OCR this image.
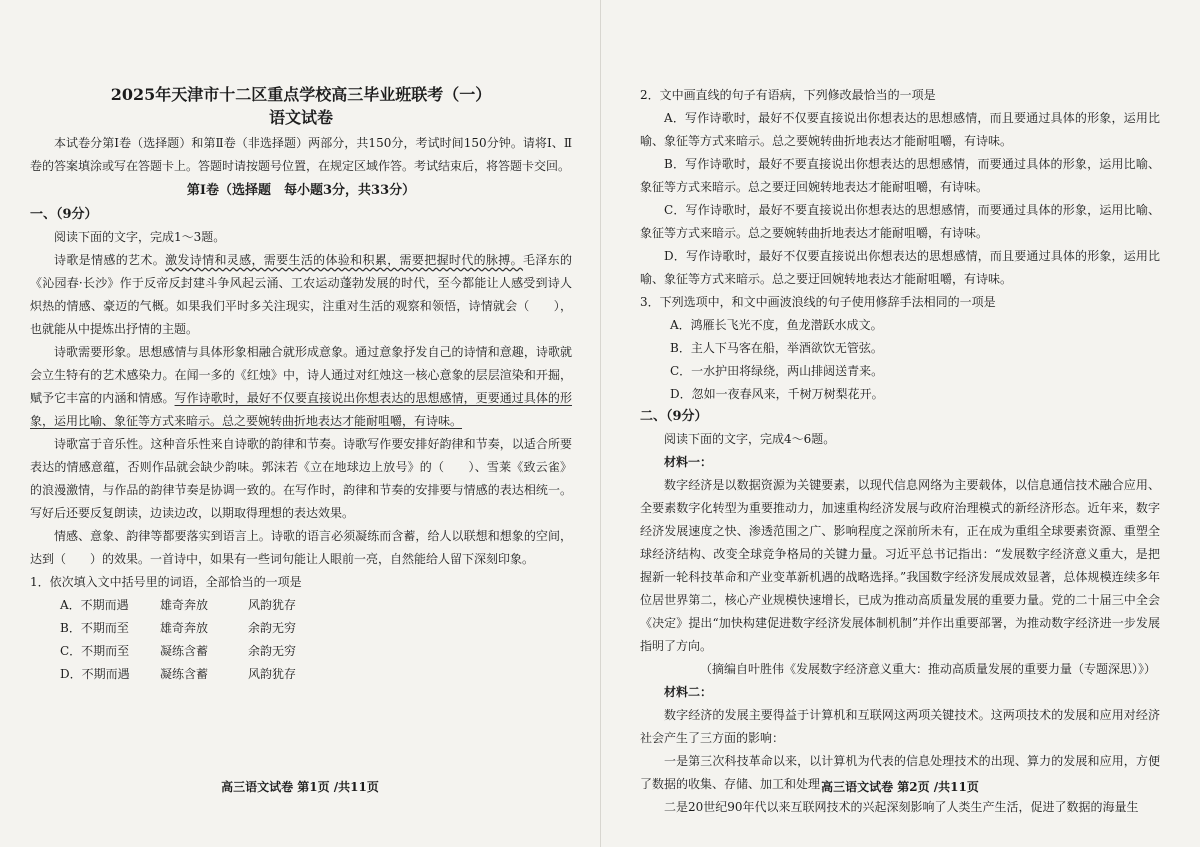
2025年天津市十二区重点学校高三毕业班联考（一）
语文试卷

本试卷分第Ⅰ卷（选择题）和第Ⅱ卷（非选择题）两部分，共150分，考试时间150分钟。请将Ⅰ、Ⅱ卷的答案填涂或写在答题卡上。答题时请按题号位置，在规定区域作答。考试结束后，将答题卡交回。

第Ⅰ卷（选择题　每小题3分，共33分）
一、（9分）

阅读下面的文字，完成1～3题。

诗歌是情感的艺术。激发诗情和灵感，需要生活的体验和积累，需要把握时代的脉搏。毛泽东的《沁园春·长沙》作于反帝反封建斗争风起云涌、工农运动蓬勃发展的时代，至今都能让人感受到诗人炽热的情感、豪迈的气概。如果我们平时多关注现实，注重对生活的观察和领悟，诗情就会（　　），也就能从中提炼出抒情的主题。

诗歌需要形象。思想感情与具体形象相融合就形成意象。通过意象抒发自己的诗情和意趣，诗歌就会立生特有的艺术感染力。在闻一多的《红烛》中，诗人通过对红烛这一核心意象的层层渲染和开掘，赋予它丰富的内涵和情感。写作诗歌时，最好不仅要直接说出你想表达的思想感情，更要通过具体的形象，运用比喻、象征等方式来暗示。总之要婉转曲折地表达才能耐咀嚼，有诗味。

诗歌富于音乐性。这种音乐性来自诗歌的韵律和节奏。诗歌写作要安排好韵律和节奏，以适合所要表达的情感意蕴，否则作品就会缺少韵味。郭沫若《立在地球边上放号》的（　　）、雪莱《致云雀》的浪漫激情，与作品的韵律节奏是协调一致的。在写作时，韵律和节奏的安排要与情感的表达相统一。写好后还要反复朗读，边读边改，以期取得理想的表达效果。

情感、意象、韵律等都要落实到语言上。诗歌的语言必须凝练而含蓄，给人以联想和想象的空间，达到（　　）的效果。一首诗中，如果有一些词句能让人眼前一亮，自然能给人留下深刻印象。

1．依次填入文中括号里的词语，全部恰当的一项是
A．不期而遇	雄奇奔放	风韵犹存
B．不期而至	雄奇奔放	余韵无穷
C．不期而至	凝练含蓄	余韵无穷
D．不期而遇	凝练含蓄	风韵犹存
高三语文试卷 第1页 /共11页
2．文中画直线的句子有语病，下列修改最恰当的一项是

A．写作诗歌时，最好不仅要直接说出你想表达的思想感情，而且要通过具体的形象，运用比喻、象征等方式来暗示。总之要婉转曲折地表达才能耐咀嚼，有诗味。

B．写作诗歌时，最好不要直接说出你想表达的思想感情，而要通过具体的形象，运用比喻、象征等方式来暗示。总之要迂回婉转地表达才能耐咀嚼，有诗味。

C．写作诗歌时，最好不要直接说出你想表达的思想感情，而要通过具体的形象，运用比喻、象征等方式来暗示。总之要婉转曲折地表达才能耐咀嚼，有诗味。

D．写作诗歌时，最好不仅要直接说出你想表达的思想感情，而且要通过具体的形象，运用比喻、象征等方式来暗示。总之要迂回婉转地表达才能耐咀嚼，有诗味。

3．下列选项中，和文中画波浪线的句子使用修辞手法相同的一项是
A．鸿雁长飞光不度，鱼龙潜跃水成文。
B．主人下马客在船，举酒欲饮无管弦。
C．一水护田将绿绕，两山排闼送青来。
D．忽如一夜春风来，千树万树梨花开。
二、（9分）

阅读下面的文字，完成4～6题。

材料一：

数字经济是以数据资源为关键要素，以现代信息网络为主要载体，以信息通信技术融合应用、全要素数字化转型为重要推动力，加速重构经济发展与政府治理模式的新经济形态。近年来，数字经济发展速度之快、渗透范围之广、影响程度之深前所未有，正在成为重组全球要素资源、重塑全球经济结构、改变全球竞争格局的关键力量。习近平总书记指出：“发展数字经济意义重大，是把握新一轮科技革命和产业变革新机遇的战略选择。”我国数字经济发展成效显著，总体规模连续多年位居世界第二，核心产业规模快速增长，已成为推动高质量发展的重要力量。党的二十届三中全会《决定》提出“加快构建促进数字经济发展体制机制”并作出重要部署，为推动数字经济进一步发展指明了方向。

（摘编自叶胜伟《发展数字经济意义重大：推动高质量发展的重要力量（专题深思）》）
材料二：

数字经济的发展主要得益于计算机和互联网这两项关键技术。这两项技术的发展和应用对经济社会产生了三方面的影响：

一是第三次科技革命以来，以计算机为代表的信息处理技术的出现、算力的发展和应用，方便了数据的收集、存储、加工和处理；

二是20世纪90年代以来互联网技术的兴起深刻影响了人类生产生活，促进了数据的海量生

高三语文试卷 第2页 /共11页
